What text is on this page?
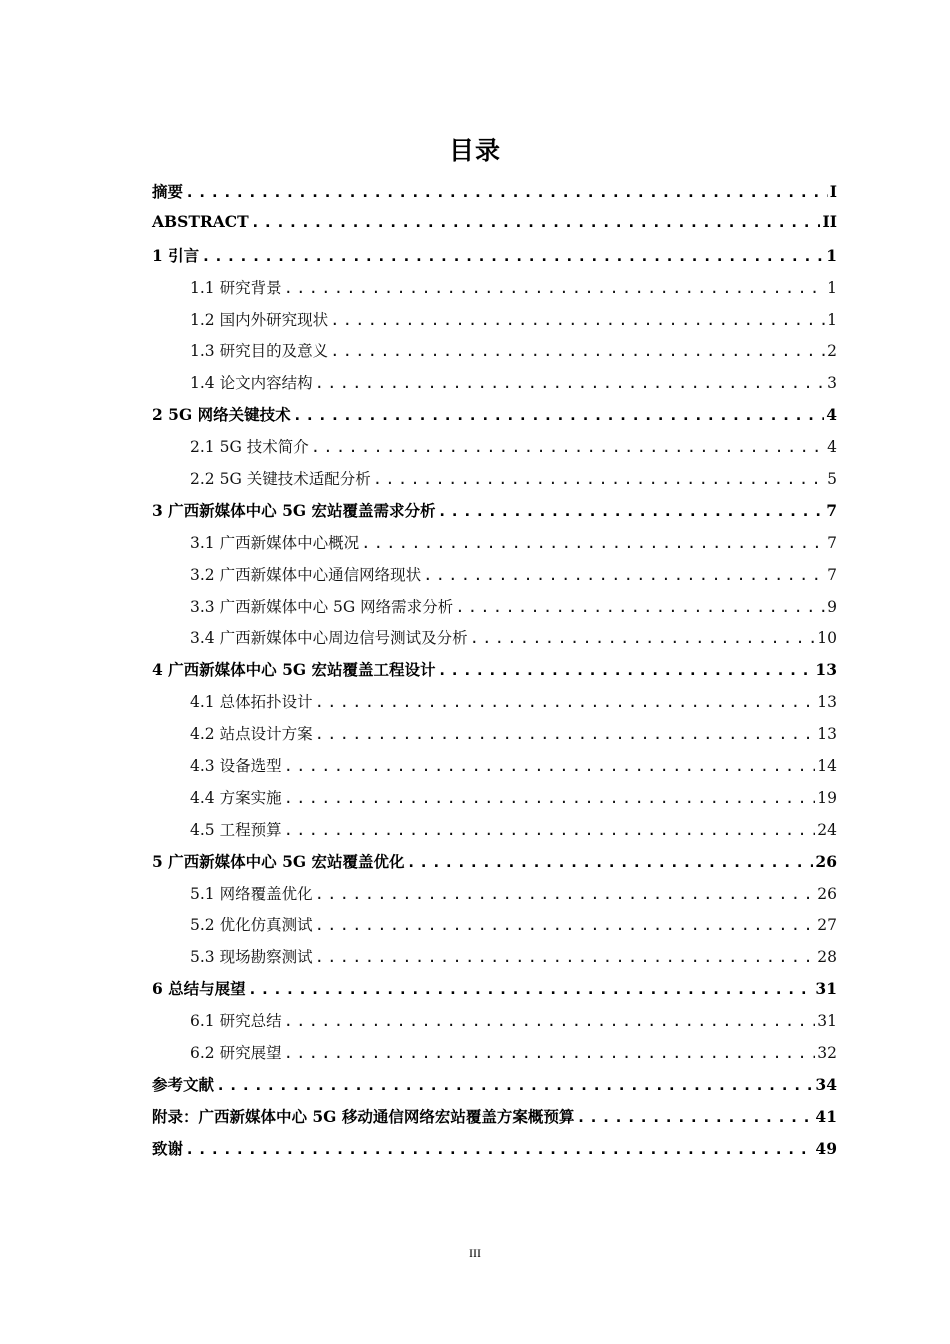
目录
摘要 .....	I
ABSTRACT .....	II
1 引言 .....	1
1.1 研究背景 .....	1
1.2 国内外研究现状 .....	1
1.3 研究目的及意义 .....	2
1.4 论文内容结构 .....	3
2 5G 网络关键技术 .....	4
2.1 5G 技术简介 .....	4
2.2 5G 关键技术适配分析 .....	5
3 广西新媒体中心 5G 宏站覆盖需求分析 .....	7
3.1 广西新媒体中心概况 .....	7
3.2 广西新媒体中心通信网络现状 .....	7
3.3 广西新媒体中心 5G 网络需求分析 .....	9
3.4 广西新媒体中心周边信号测试及分析 .....	10
4 广西新媒体中心 5G 宏站覆盖工程设计 .....	13
4.1 总体拓扑设计 .....	13
4.2 站点设计方案 .....	13
4.3 设备选型 .....	14
4.4 方案实施 .....	19
4.5 工程预算 .....	24
5 广西新媒体中心 5G 宏站覆盖优化 .....	26
5.1 网络覆盖优化 .....	26
5.2 优化仿真测试 .....	27
5.3 现场勘察测试 .....	28
6 总结与展望 .....	31
6.1 研究总结 .....	31
6.2 研究展望 .....	32
参考文献 .....	34
附录：广西新媒体中心 5G 移动通信网络宏站覆盖方案概预算 .....	41
致谢 .....	49
III
